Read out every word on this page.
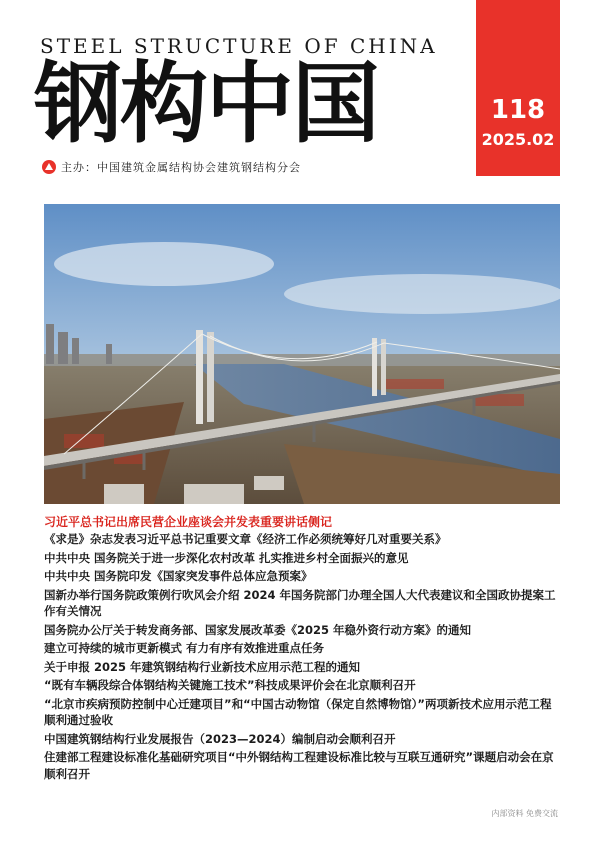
STEEL STRUCTURE OF CHINA
钢构中国	118
2025.02
主办：中国建筑金属结构协会建筑钢结构分会
习近平总书记出席民营企业座谈会并发表重要讲话侧记
《求是》杂志发表习近平总书记重要文章《经济工作必须统筹好几对重要关系》
中共中央 国务院关于进一步深化农村改革 扎实推进乡村全面振兴的意见
中共中央 国务院印发《国家突发事件总体应急预案》
国新办举行国务院政策例行吹风会介绍 2024 年国务院部门办理全国人大代表建议和全国政协提案工作有关情况
国务院办公厅关于转发商务部、国家发展改革委《2025 年稳外资行动方案》的通知
建立可持续的城市更新模式 有力有序有效推进重点任务
关于申报 2025 年建筑钢结构行业新技术应用示范工程的通知
“既有车辆段综合体钢结构关键施工技术”科技成果评价会在北京顺利召开
“北京市疾病预防控制中心迁建项目”和“中国古动物馆（保定自然博物馆）”两项新技术应用示范工程顺利通过验收
中国建筑钢结构行业发展报告（2023—2024）编制启动会顺利召开
住建部工程建设标准化基础研究项目“中外钢结构工程建设标准比较与互联互通研究”课题启动会在京顺利召开
内部资料 免费交流
